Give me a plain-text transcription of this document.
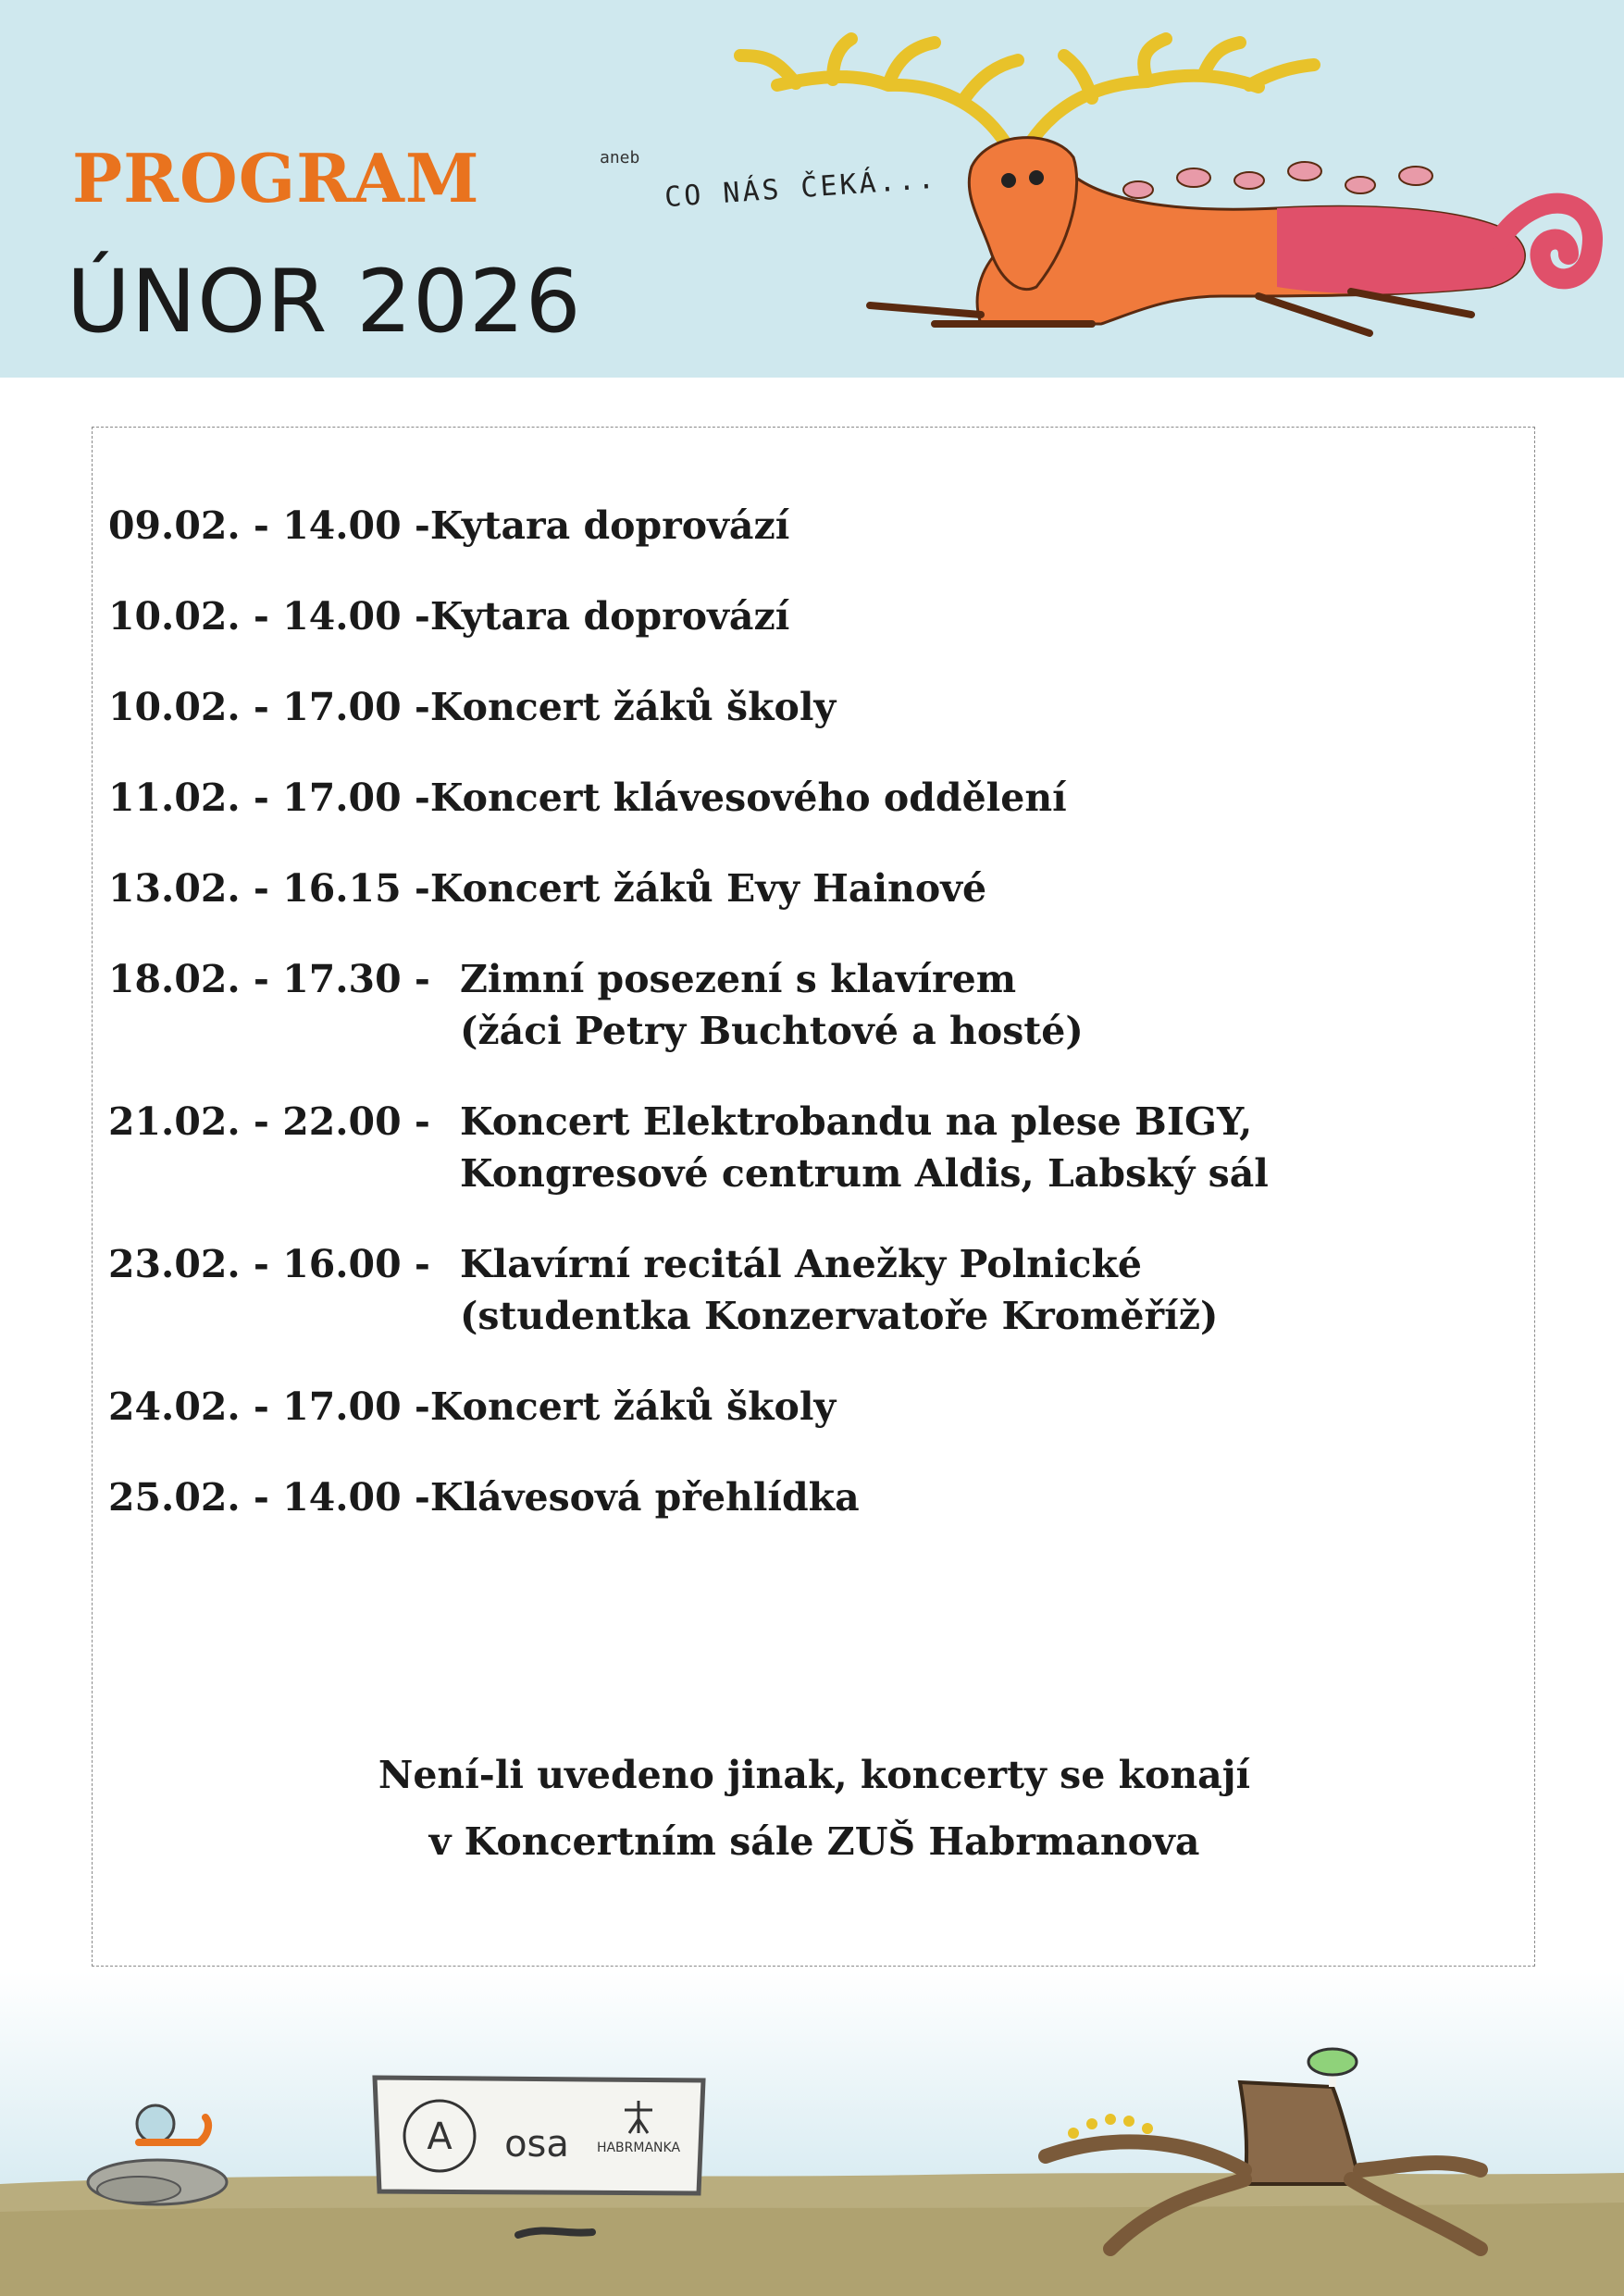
PROGRAM
ÚNOR 2026
aneb
CO NÁS ČEKÁ...
09.02. - 14.00 - Kytara doprovází
10.02. - 14.00 - Kytara doprovází
10.02. - 17.00 - Koncert žáků školy
11.02. - 17.00 - Koncert klávesového oddělení
13.02. - 16.15 - Koncert žáků Evy Hainové
18.02. - 17.30 - Zimní posezení s klavírem
(žáci Petry Buchtové a hosté)
21.02. - 22.00 - Koncert Elektrobandu na plese BIGY,
Kongresové centrum Aldis, Labský sál
23.02. - 16.00 - Klavírní recitál Anežky Polnické
(studentka Konzervatoře Kroměříž)
24.02. - 17.00 - Koncert žáků školy
25.02. - 14.00 - Klávesová přehlídka
Není-li uvedeno jinak, koncerty se konají
v Koncertním sále ZUŠ Habrmanova
A osa HABRMANKA
